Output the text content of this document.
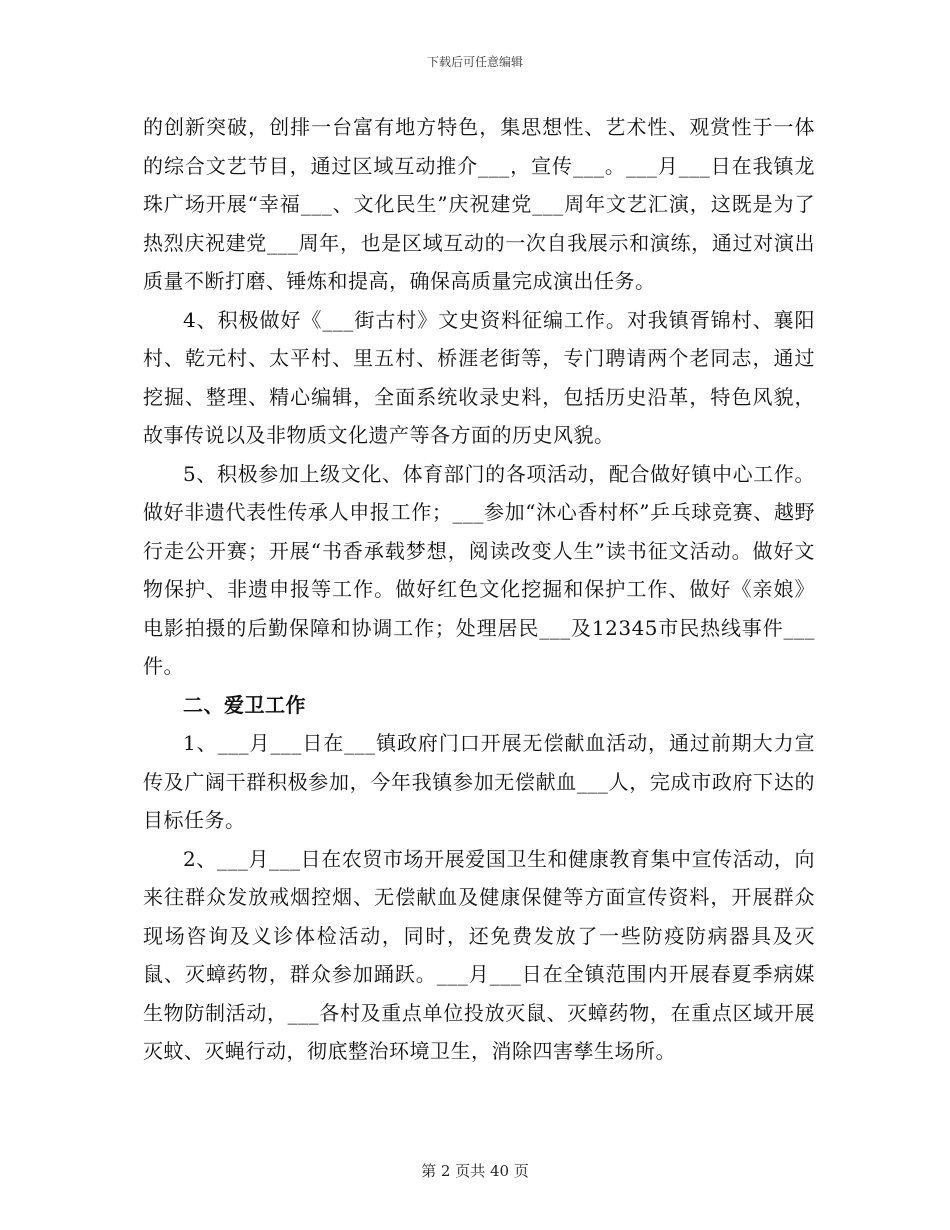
下载后可任意编辑

的创新突破，创排一台富有地方特色，集思想性、艺术性、观赏性于一体的综合文艺节目，通过区域互动推介___，宣传___。___月___日在我镇龙珠广场开展“幸福___、文化民生”庆祝建党___周年文艺汇演，这既是为了热烈庆祝建党___周年，也是区域互动的一次自我展示和演练，通过对演出质量不断打磨、锤炼和提高，确保高质量完成演出任务。

4、积极做好《___街古村》文史资料征编工作。对我镇胥锦村、襄阳村、乾元村、太平村、里五村、桥涯老街等，专门聘请两个老同志，通过挖掘、整理、精心编辑，全面系统收录史料，包括历史沿革，特色风貌，故事传说以及非物质文化遗产等各方面的历史风貌。

5、积极参加上级文化、体育部门的各项活动，配合做好镇中心工作。做好非遗代表性传承人申报工作；___参加“沐心香村杯”乒乓球竞赛、越野行走公开赛；开展“书香承载梦想，阅读改变人生”读书征文活动。做好文物保护、非遗申报等工作。做好红色文化挖掘和保护工作、做好《亲娘》电影拍摄的后勤保障和协调工作；处理居民___及12345市民热线事件___件。

二、爱卫工作

1、___月___日在___镇政府门口开展无偿献血活动，通过前期大力宣传及广阔干群积极参加，今年我镇参加无偿献血___人，完成市政府下达的目标任务。

2、___月___日在农贸市场开展爱国卫生和健康教育集中宣传活动，向来往群众发放戒烟控烟、无偿献血及健康保健等方面宣传资料，开展群众现场咨询及义诊体检活动，同时，还免费发放了一些防疫防病器具及灭鼠、灭蟑药物，群众参加踊跃。___月___日在全镇范围内开展春夏季病媒生物防制活动，___各村及重点单位投放灭鼠、灭蟑药物，在重点区域开展灭蚊、灭蝇行动，彻底整治环境卫生，消除四害孳生场所。

第 2 页共 40 页
